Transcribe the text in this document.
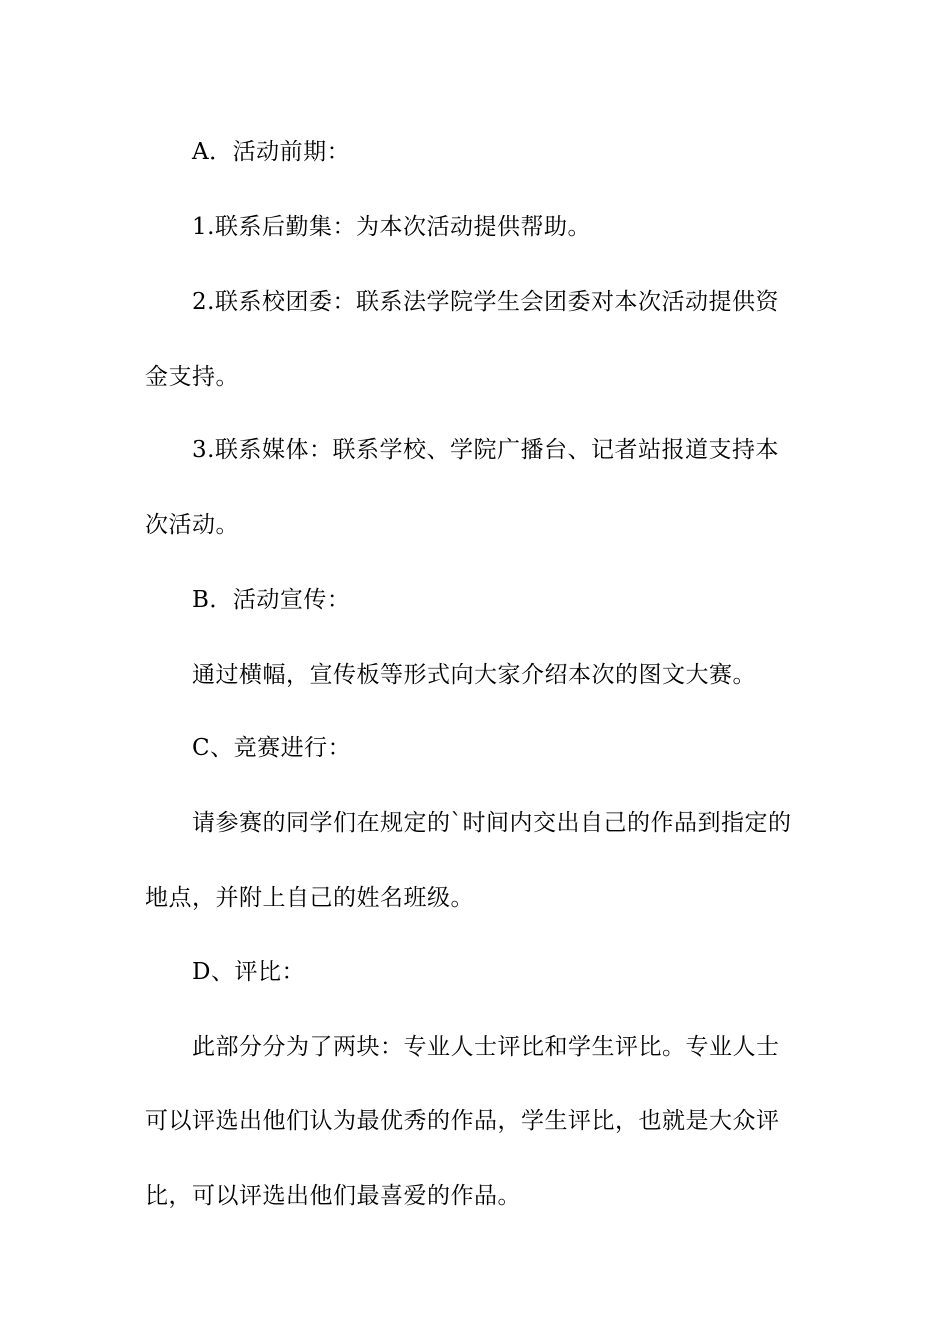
A．活动前期：
1.联系后勤集：为本次活动提供帮助。
2.联系校团委：联系法学院学生会团委对本次活动提供资
金支持。
3.联系媒体：联系学校、学院广播台、记者站报道支持本
次活动。
B．活动宣传：
通过横幅，宣传板等形式向大家介绍本次的图文大赛。
C、竞赛进行：
请参赛的同学们在规定的`时间内交出自己的作品到指定的
地点，并附上自己的姓名班级。
D、评比：
此部分分为了两块：专业人士评比和学生评比。专业人士
可以评选出他们认为最优秀的作品，学生评比，也就是大众评
比，可以评选出他们最喜爱的作品。
